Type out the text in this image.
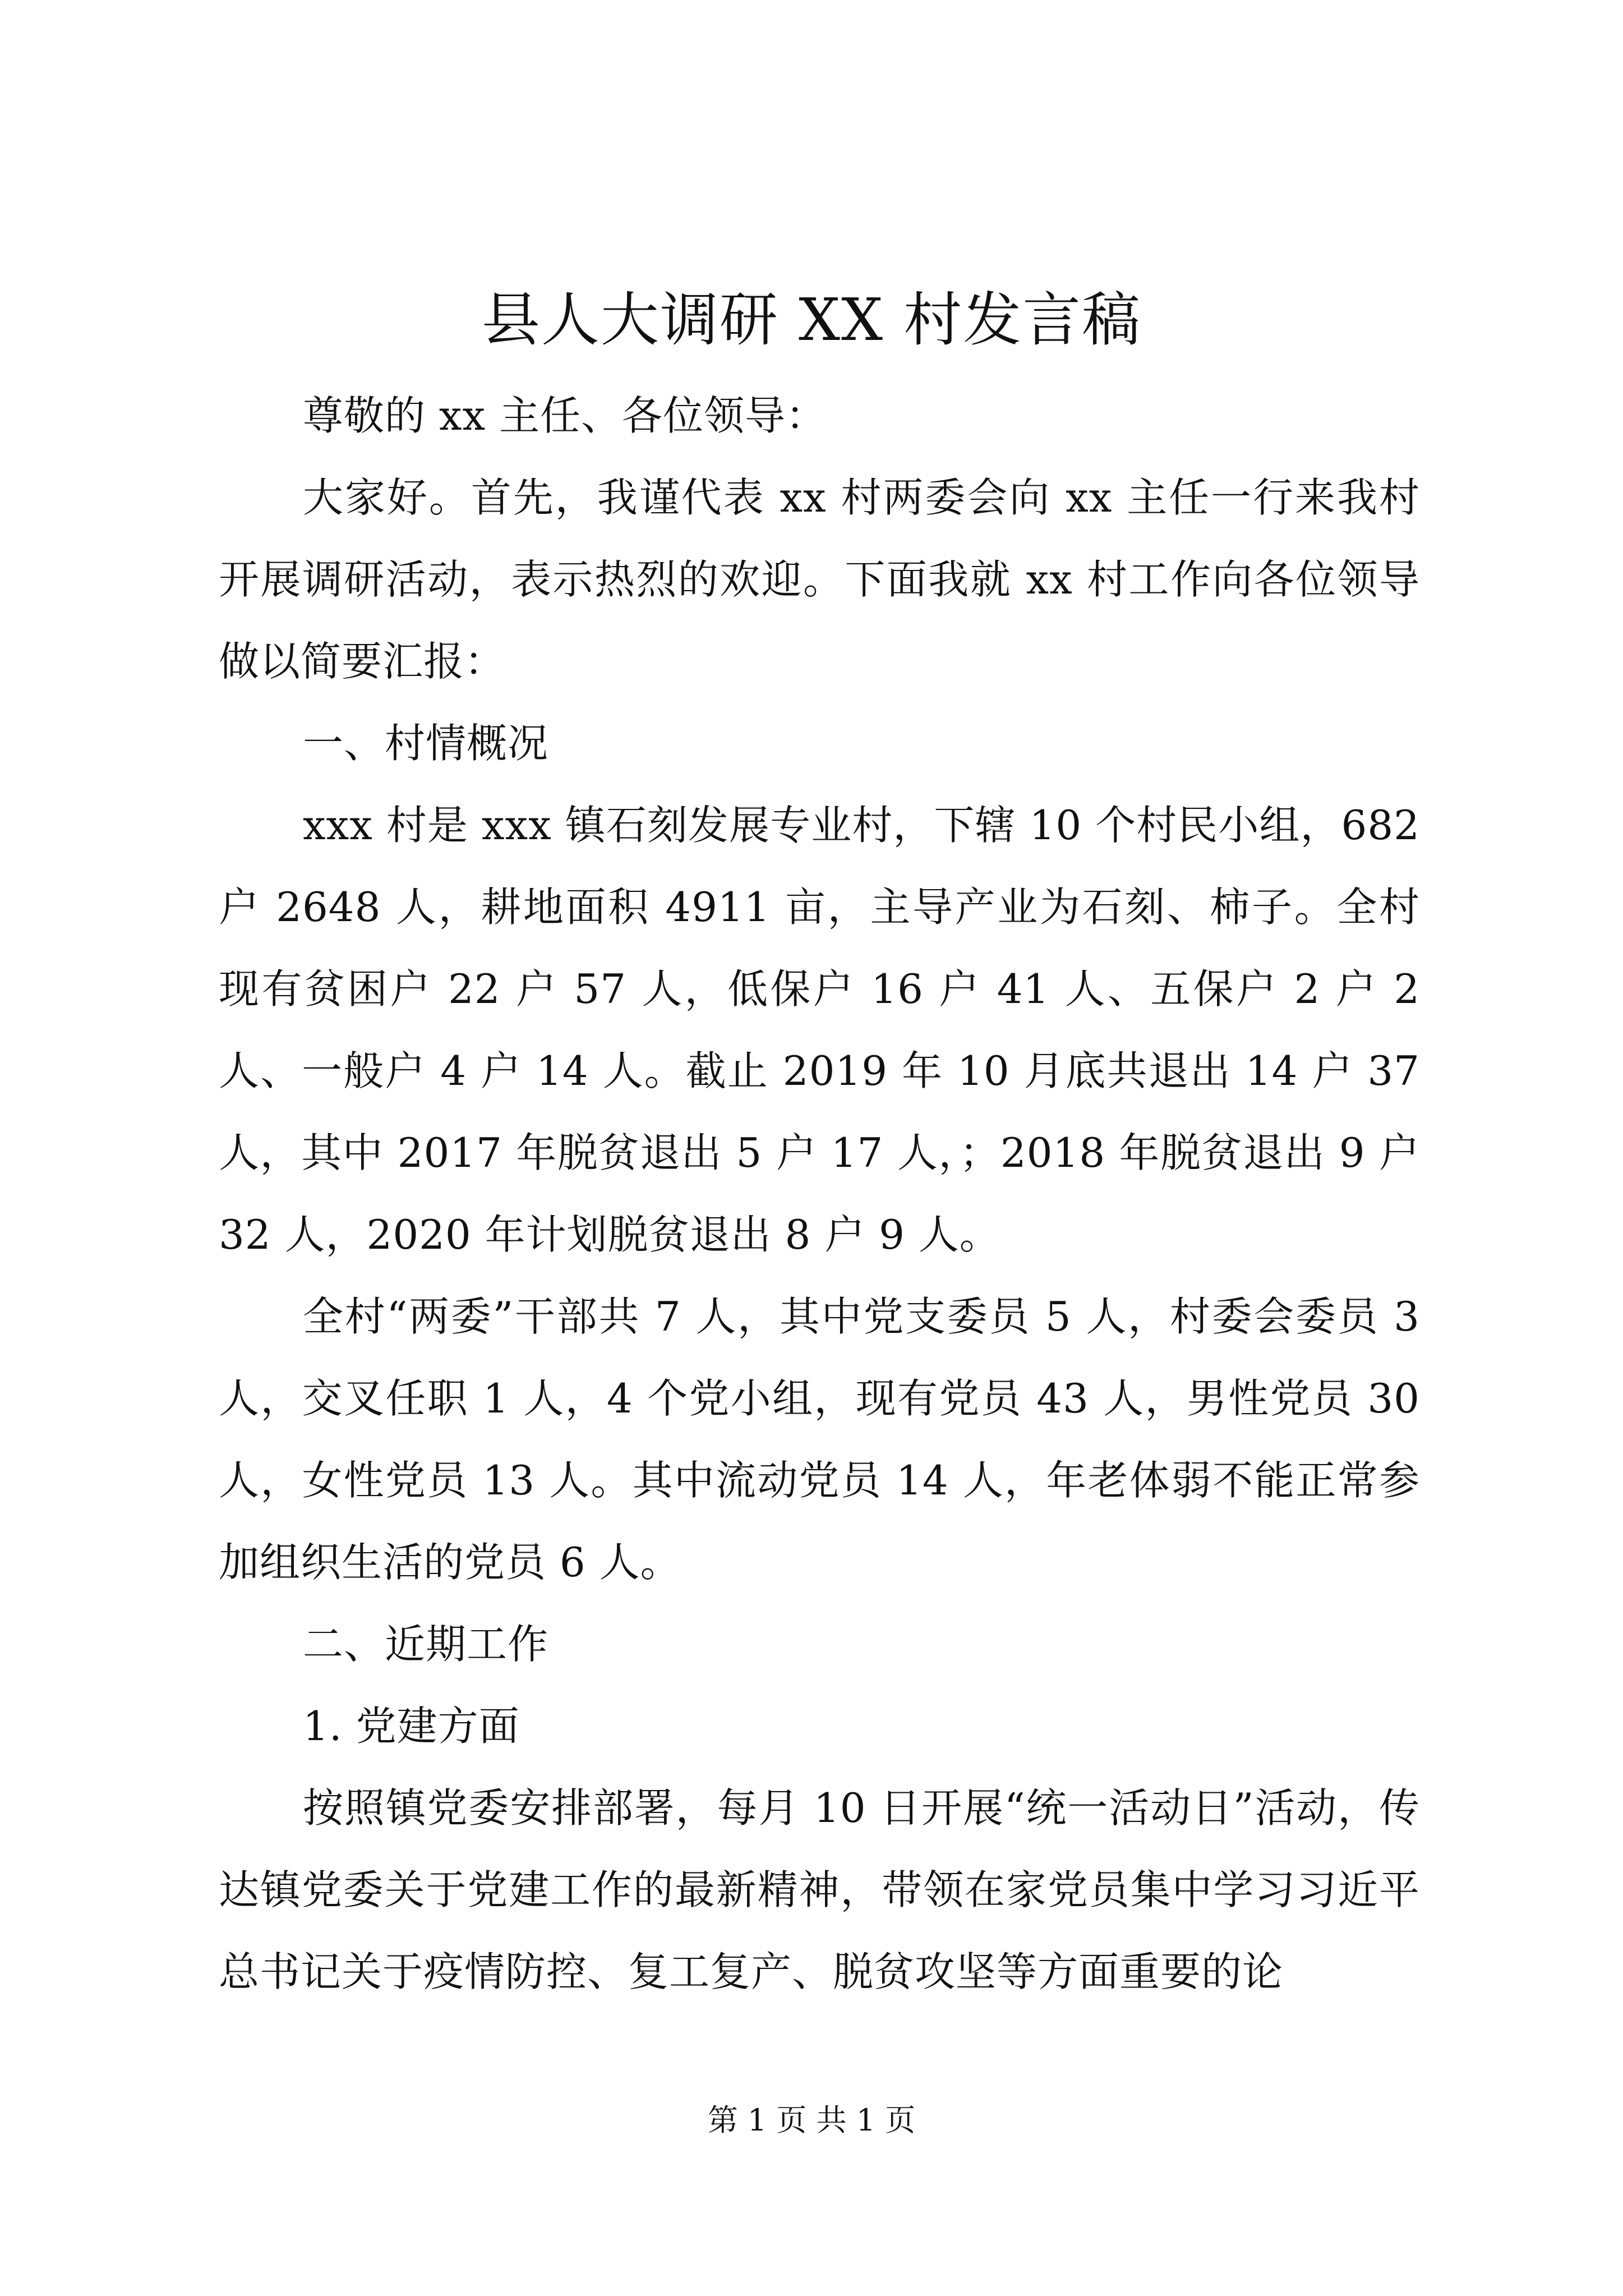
县人大调研 XX 村发言稿

尊敬的 xx 主任、各位领导：

大家好。首先，我谨代表 xx 村两委会向 xx 主任一行来我村开展调研活动，表示热烈的欢迎。下面我就 xx 村工作向各位领导做以简要汇报：

一、村情概况

xxx 村是 xxx 镇石刻发展专业村，下辖 10 个村民小组，682 户 2648 人，耕地面积 4911 亩，主导产业为石刻、柿子。全村现有贫困户 22 户 57 人，低保户 16 户 41 人、五保户 2 户 2 人、一般户 4 户 14 人。截止 2019 年 10 月底共退出 14 户 37 人，其中 2017 年脱贫退出 5 户 17 人，；2018 年脱贫退出 9 户 32 人，2020 年计划脱贫退出 8 户 9 人。

全村“两委”干部共 7 人，其中党支委员 5 人，村委会委员 3 人，交叉任职 1 人，4 个党小组，现有党员 43 人，男性党员 30 人，女性党员 13 人。其中流动党员 14 人，年老体弱不能正常参加组织生活的党员 6 人。

二、近期工作

1. 党建方面

按照镇党委安排部署，每月 10 日开展“统一活动日”活动，传达镇党委关于党建工作的最新精神，带领在家党员集中学习习近平总书记关于疫情防控、复工复产、脱贫攻坚等方面重要的论

第 1 页 共 1 页
